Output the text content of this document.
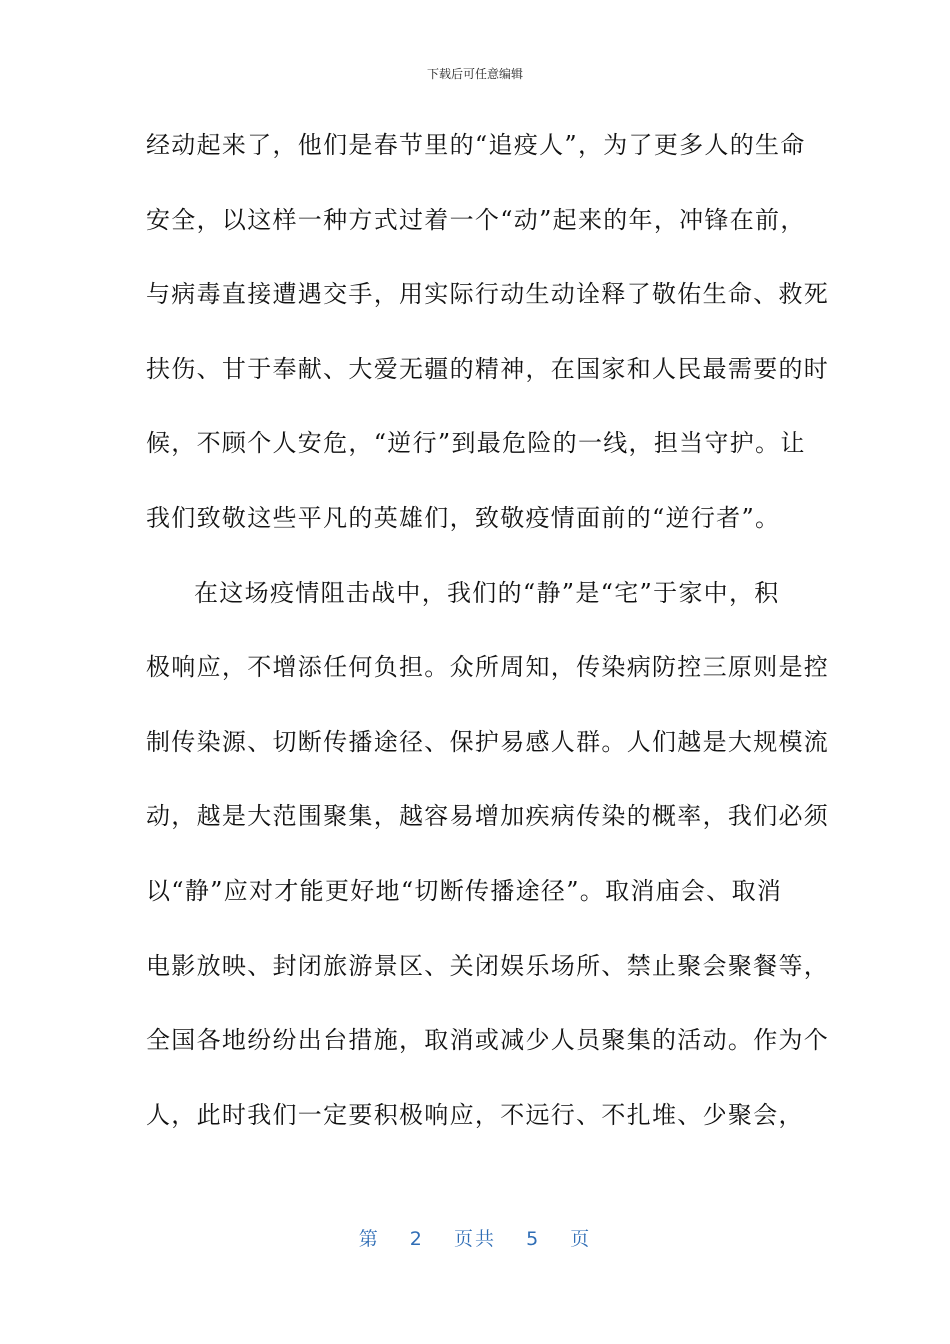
下载后可任意编辑
经动起来了，他们是春节里的“追疫人”，为了更多人的生命
安全，以这样一种方式过着一个“动”起来的年，冲锋在前，
与病毒直接遭遇交手，用实际行动生动诠释了敬佑生命、救死
扶伤、甘于奉献、大爱无疆的精神，在国家和人民最需要的时
候，不顾个人安危，“逆行”到最危险的一线，担当守护。让
我们致敬这些平凡的英雄们，致敬疫情面前的“逆行者”。
在这场疫情阻击战中，我们的“静”是“宅”于家中，积
极响应，不增添任何负担。众所周知，传染病防控三原则是控
制传染源、切断传播途径、保护易感人群。人们越是大规模流
动，越是大范围聚集，越容易增加疾病传染的概率，我们必须
以“静”应对才能更好地“切断传播途径”。取消庙会、取消
电影放映、封闭旅游景区、关闭娱乐场所、禁止聚会聚餐等，
全国各地纷纷出台措施，取消或减少人员聚集的活动。作为个
人，此时我们一定要积极响应，不远行、不扎堆、少聚会，
第 2 页共 5 页
